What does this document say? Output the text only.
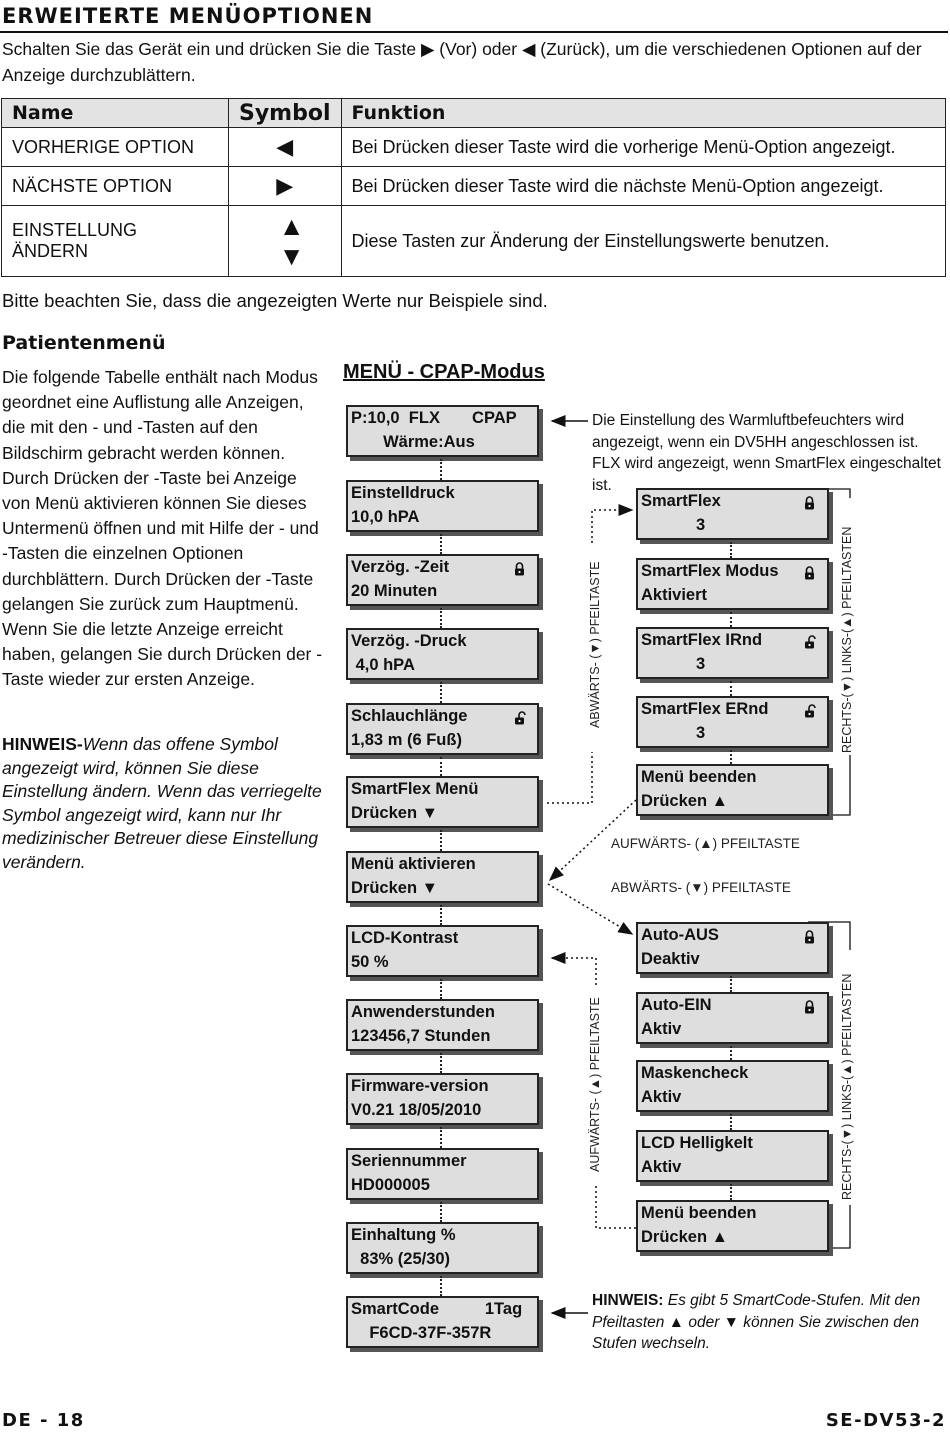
ERWEITERTE MENÜOPTIONEN
Schalten Sie das Gerät ein und drücken Sie die Taste ▶ (Vor) oder ◀ (Zurück), um die verschiedenen Optionen auf der Anzeige durchzublättern.
Name	Symbol	Funktion
VORHERIGE OPTION	◀	Bei Drücken dieser Taste wird die vorherige Menü-Option angezeigt.
NÄCHSTE OPTION	▶	Bei Drücken dieser Taste wird die nächste Menü-Option angezeigt.
EINSTELLUNG ÄNDERN	▲▼	Diese Tasten zur Änderung der Einstellungswerte benutzen.
Bitte beachten Sie, dass die angezeigten Werte nur Beispiele sind.
Patientenmenü
Die folgende Tabelle enthält nach Modus geordnet eine Auflistung alle Anzeigen, die mit den - und -Tasten auf den Bildschirm gebracht werden können. Durch Drücken der -Taste bei Anzeige von Menü aktivieren können Sie dieses Untermenü öffnen und mit Hilfe der - und -Tasten die einzelnen Optionen durchblättern. Durch Drücken der -Taste gelangen Sie zurück zum Hauptmenü. Wenn Sie die letzte Anzeige erreicht haben, gelangen Sie durch Drücken der -Taste wieder zur ersten Anzeige.
HINWEIS-Wenn das offene Symbol angezeigt wird, können Sie diese Einstellung ändern. Wenn das verriegelte Symbol angezeigt wird, kann nur Ihr medizinischer Betreuer diese Einstellung verändern.
MENÜ - CPAP-Modus
P:10,0  FLX       CPAP
Wärme:Aus
Einstelldruck
10,0 hPA
Verzög. -Zeit
20 Minuten
Verzög. -Druck
4,0 hPA
Schlauchlänge
1,83 m (6 Fuß)
SmartFlex Menü
Drücken ▼
Menü aktivieren
Drücken ▼
LCD-Kontrast
50 %
Anwenderstunden
123456,7 Stunden
Firmware-version
V0.21 18/05/2010
Seriennummer
HD000005
Einhaltung %
83% (25/30)
SmartCode          1Tag
F6CD-37F-357R
SmartFlex
3
SmartFlex Modus
Aktiviert
SmartFlex IRnd
3
SmartFlex ERnd
3
Menü beenden
Drücken ▲
Auto-AUS
Deaktiv
Auto-EIN
Aktiv
Maskencheck
Aktiv
LCD Helligkelt
Aktiv
Menü beenden
Drücken ▲
ABWÄRTS- (▼) PFEILTASTE	RECHTS-(▼) LINKS-(▲) PFEILTASTEN
AUFWÄRTS- (▲) PFEILTASTE
ABWÄRTS- (▼) PFEILTASTE
AUFWÄRTS- (▲) PFEILTASTE	RECHTS-(▼) LINKS-(▲) PFEILTASTEN
Die Einstellung des Warmluftbefeuchters wird angezeigt, wenn ein DV5HH angeschlossen ist. FLX wird angezeigt, wenn SmartFlex eingeschaltet ist.
HINWEIS: Es gibt 5 SmartCode-Stufen. Mit den Pfeiltasten ▲ oder ▼ können Sie zwischen den Stufen wechseln.
DE - 18	SE-DV53-2
